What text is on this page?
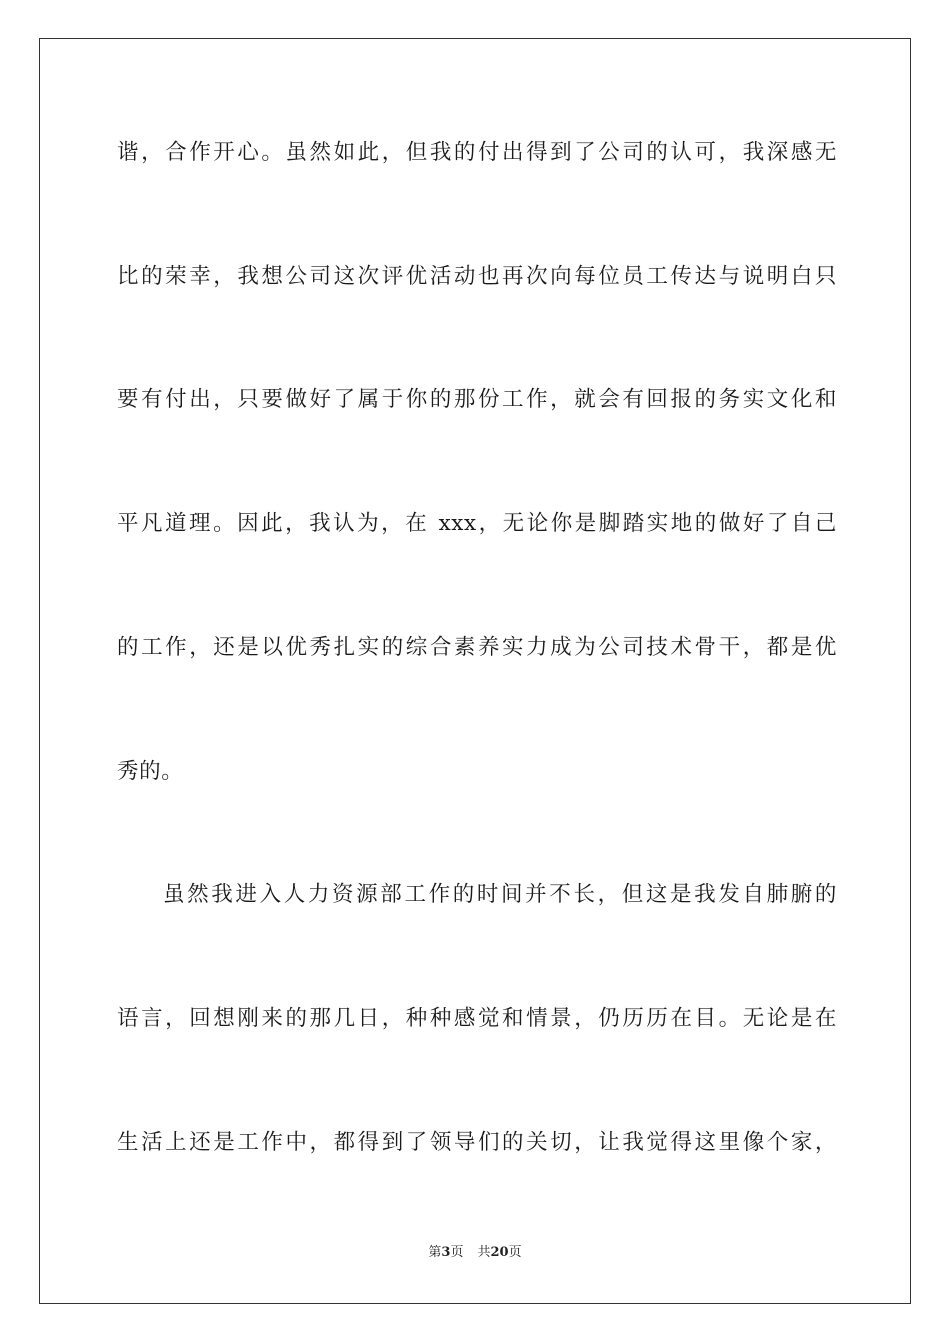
谐，合作开心。虽然如此，但我的付出得到了公司的认可，我深感无
比的荣幸，我想公司这次评优活动也再次向每位员工传达与说明白只
要有付出，只要做好了属于你的那份工作，就会有回报的务实文化和
平凡道理。因此，我认为，在 xxx，无论你是脚踏实地的做好了自己
的工作，还是以优秀扎实的综合素养实力成为公司技术骨干，都是优
秀的。
虽然我进入人力资源部工作的时间并不长，但这是我发自肺腑的
语言，回想刚来的那几日，种种感觉和情景，仍历历在目。无论是在
生活上还是工作中，都得到了领导们的关切，让我觉得这里像个家，
第3页 共20页
